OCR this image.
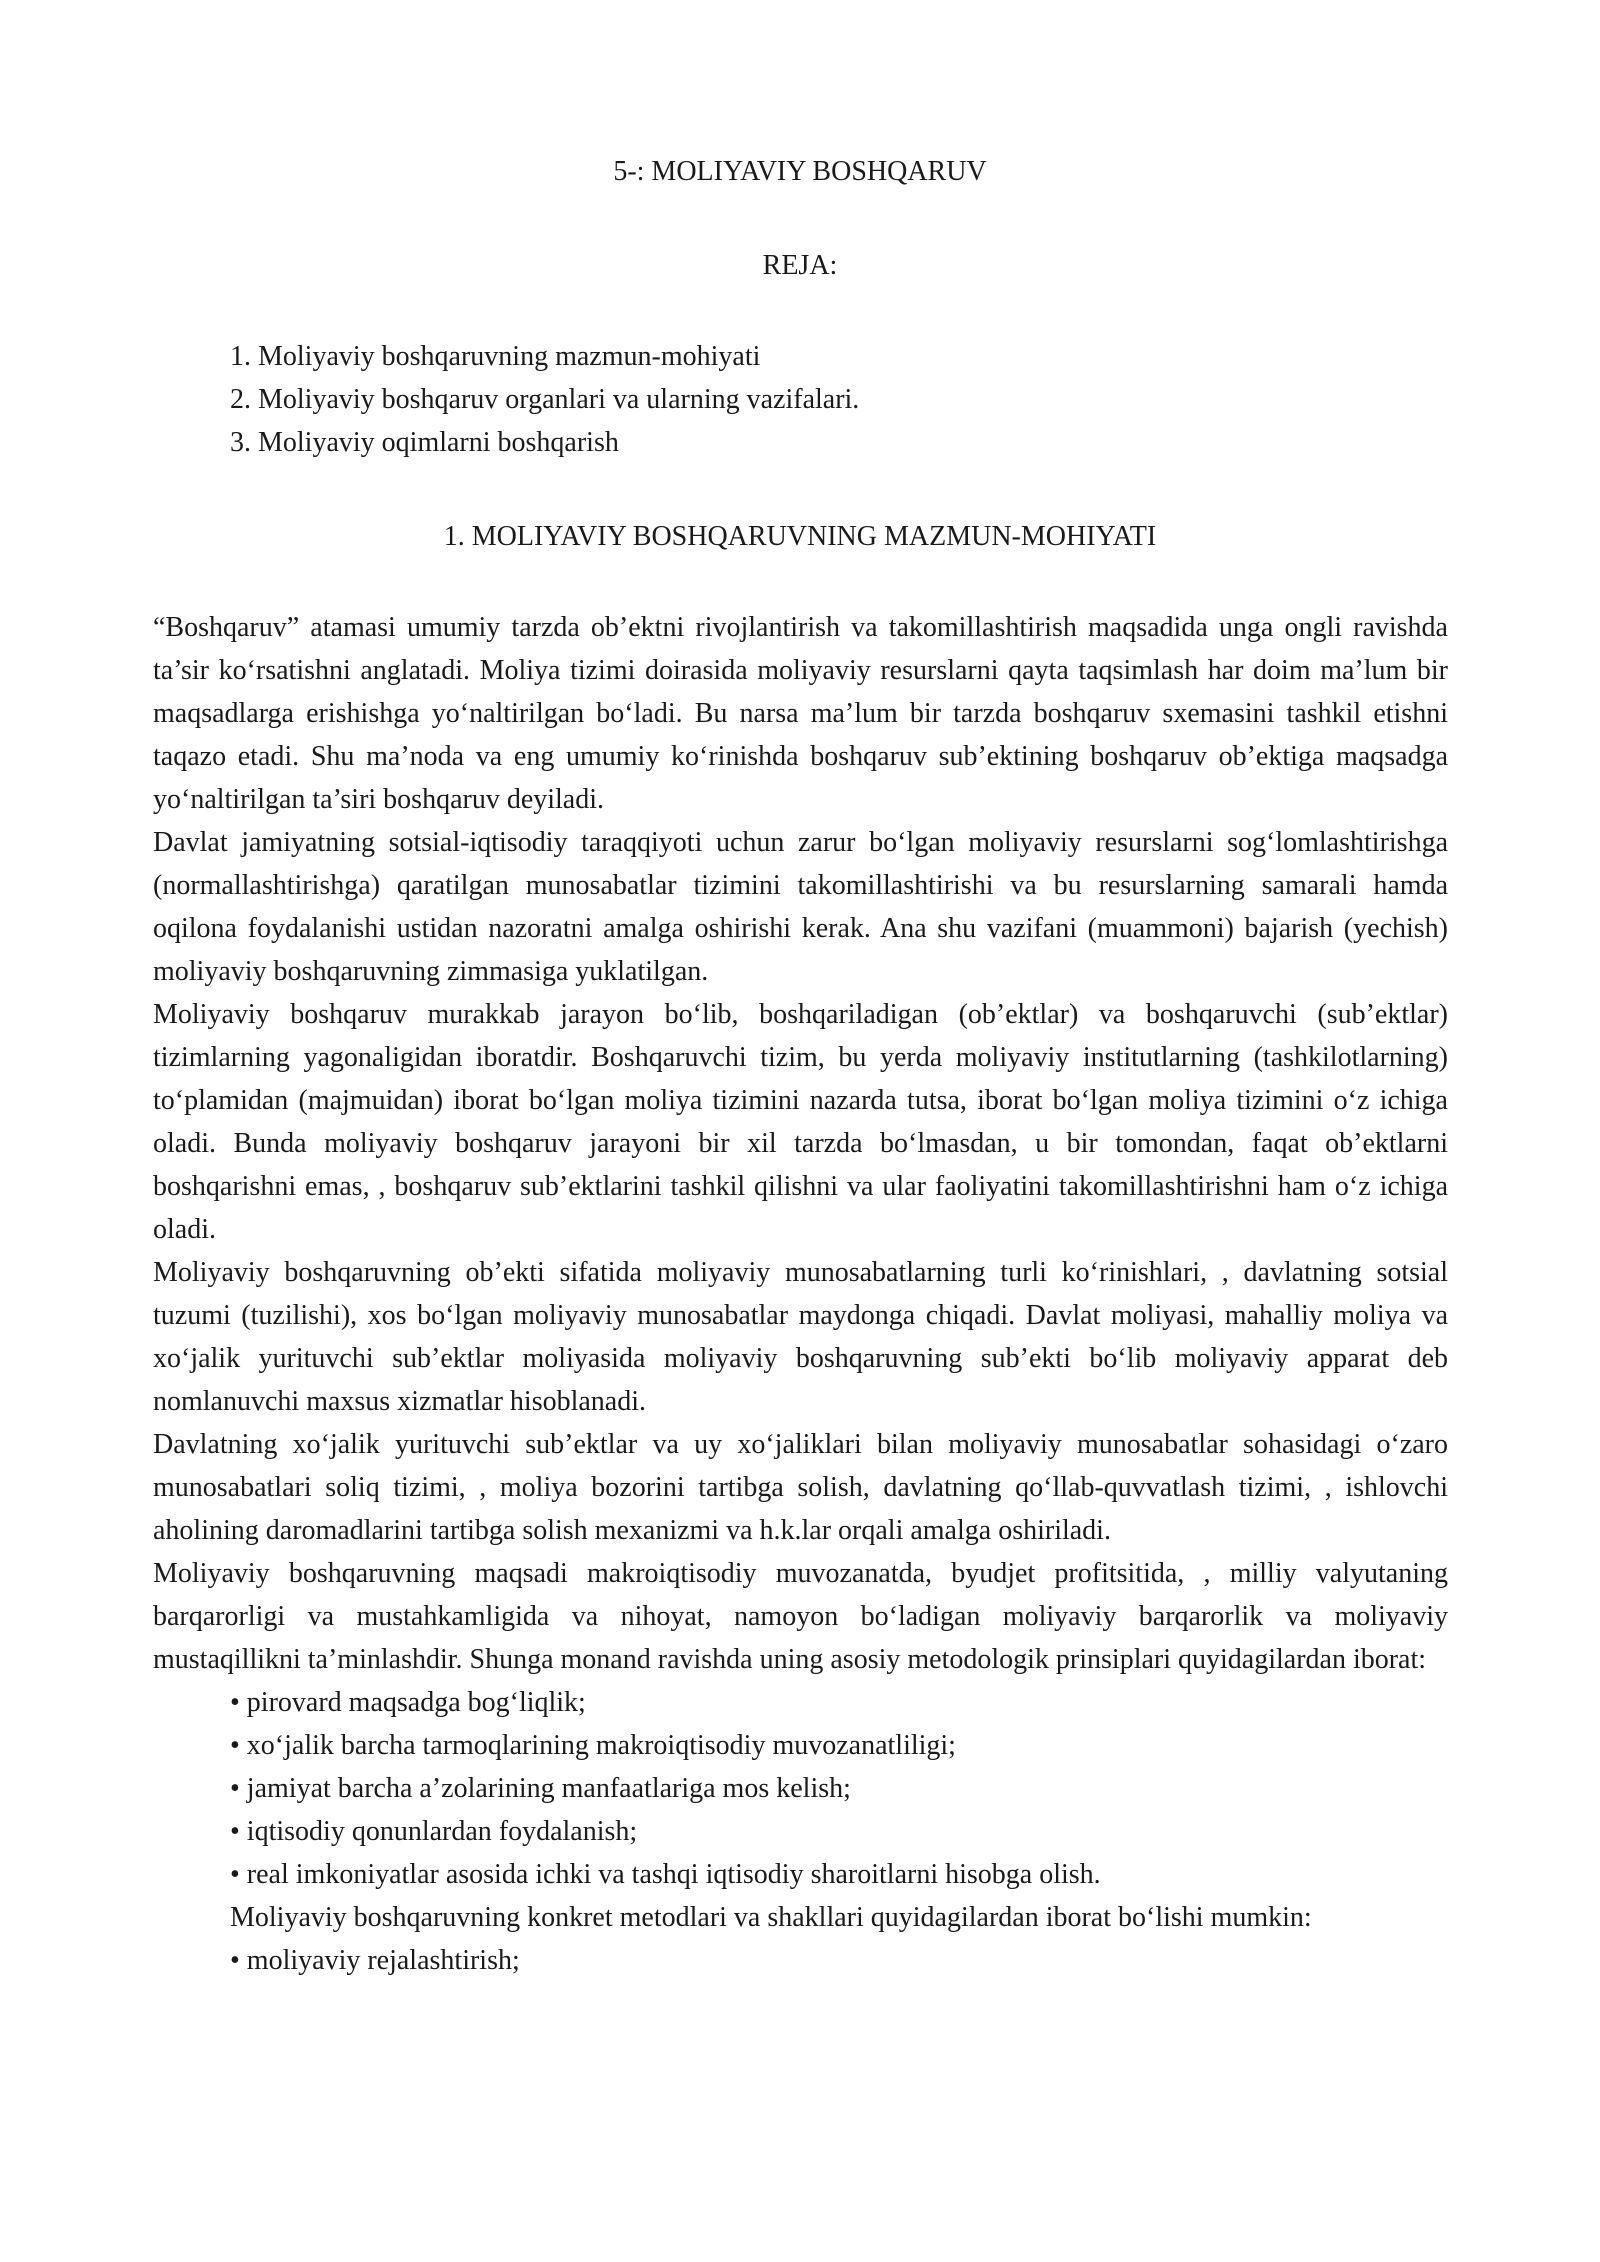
5-: MOLIYAVIY BOSHQARUV
REJA:
1. Moliyaviy boshqaruvning mazmun-mohiyati
2. Moliyaviy boshqaruv organlari va ularning vazifalari.
3. Moliyaviy oqimlarni boshqarish
1. MOLIYAVIY BOSHQARUVNING MAZMUN-MOHIYATI

“Boshqaruv” atamasi umumiy tarzda ob’ektni rivojlantirish va takomillashtirish maqsadida unga ongli ravishda ta’sir ko‘rsatishni anglatadi. Moliya tizimi doirasida moliyaviy resurslarni qayta taqsimlash har doim ma’lum bir maqsadlarga erishishga yo‘naltirilgan bo‘ladi. Bu narsa ma’lum bir tarzda boshqaruv sxemasini tashkil etishni taqazo etadi. Shu ma’noda va eng umumiy ko‘rinishda boshqaruv sub’ektining boshqaruv ob’ektiga maqsadga yo‘naltirilgan ta’siri boshqaruv deyiladi.

Davlat jamiyatning sotsial-iqtisodiy taraqqiyoti uchun zarur bo‘lgan moliyaviy resurslarni sog‘lomlashtirishga (normallashtirishga) qaratilgan munosabatlar tizimini takomillashtirishi va bu resurslarning samarali hamda oqilona foydalanishi ustidan nazoratni amalga oshirishi kerak. Ana shu vazifani (muammoni) bajarish (yechish) moliyaviy boshqaruvning zimmasiga yuklatilgan.

Moliyaviy boshqaruv murakkab jarayon bo‘lib, boshqariladigan (ob’ektlar) va boshqaruvchi (sub’ektlar) tizimlarning yagonaligidan iboratdir. Boshqaruvchi tizim, bu yerda moliyaviy institutlarning (tashkilotlarning) to‘plamidan (majmuidan) iborat bo‘lgan moliya tizimini nazarda tutsa, iborat bo‘lgan moliya tizimini o‘z ichiga oladi. Bunda moliyaviy boshqaruv jarayoni bir xil tarzda bo‘lmasdan, u bir tomondan, faqat ob’ektlarni boshqarishni emas, , boshqaruv sub’ektlarini tashkil qilishni va ular faoliyatini takomillashtirishni ham o‘z ichiga oladi.

Moliyaviy boshqaruvning ob’ekti sifatida moliyaviy munosabatlarning turli ko‘rinishlari, , davlatning sotsial tuzumi (tuzilishi), xos bo‘lgan moliyaviy munosabatlar maydonga chiqadi. Davlat moliyasi, mahalliy moliya va xo‘jalik yurituvchi sub’ektlar moliyasida moliyaviy boshqaruvning sub’ekti bo‘lib moliyaviy apparat deb nomlanuvchi maxsus xizmatlar hisoblanadi.

Davlatning xo‘jalik yurituvchi sub’ektlar va uy xo‘jaliklari bilan moliyaviy munosabatlar sohasidagi o‘zaro munosabatlari soliq tizimi, , moliya bozorini tartibga solish, davlatning qo‘llab-quvvatlash tizimi, , ishlovchi aholining daromadlarini tartibga solish mexanizmi va h.k.lar orqali amalga oshiriladi.

Moliyaviy boshqaruvning maqsadi makroiqtisodiy muvozanatda, byudjet profitsitida, , milliy valyutaning barqarorligi va mustahkamligida va nihoyat, namoyon bo‘ladigan moliyaviy barqarorlik va moliyaviy mustaqillikni ta’minlashdir. Shunga monand ravishda uning asosiy metodologik prinsiplari quyidagilardan iborat:

• pirovard maqsadga bog‘liqlik;
• xo‘jalik barcha tarmoqlarining makroiqtisodiy muvozanatliligi;
• jamiyat barcha a’zolarining manfaatlariga mos kelish;
• iqtisodiy qonunlardan foydalanish;
• real imkoniyatlar asosida ichki va tashqi iqtisodiy sharoitlarni hisobga olish.

Moliyaviy boshqaruvning konkret metodlari va shakllari quyidagilardan iborat bo‘lishi mumkin:

• moliyaviy rejalashtirish;
